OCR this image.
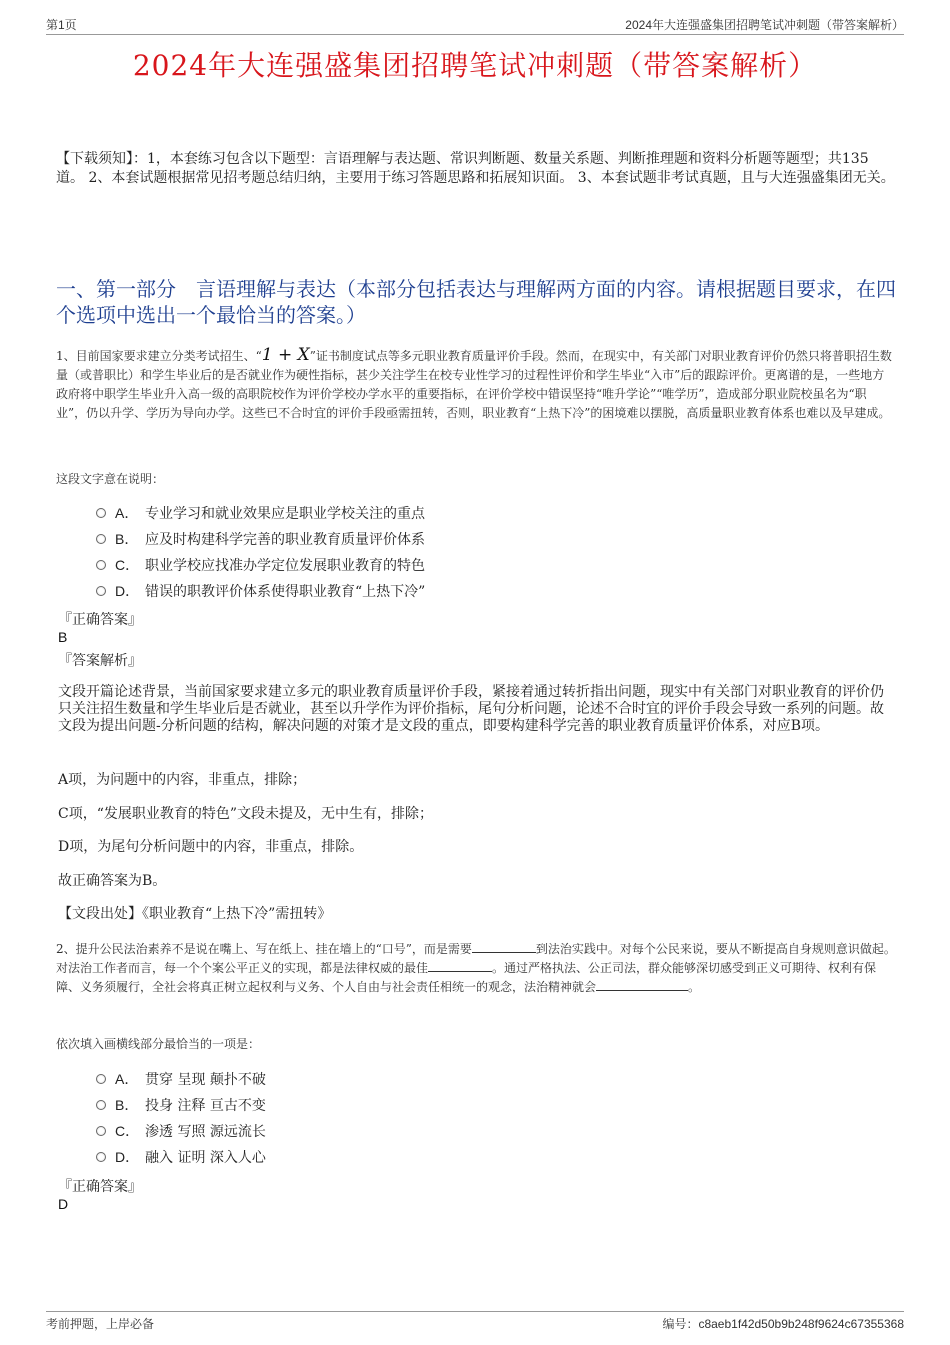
第1页	2024年大连强盛集团招聘笔试冲刺题（带答案解析）
2024年大连强盛集团招聘笔试冲刺题（带答案解析）
【下载须知】：1，本套练习包含以下题型：言语理解与表达题、常识判断题、数量关系题、判断推理题和资料分析题等题型；共135道。 2、本套试题根据常见招考题总结归纳，主要用于练习答题思路和拓展知识面。 3、本套试题非考试真题，且与大连强盛集团无关。
一、第一部分　言语理解与表达（本部分包括表达与理解两方面的内容。请根据题目要求，在四个选项中选出一个最恰当的答案。）
1、目前国家要求建立分类考试招生、“1 + X”证书制度试点等多元职业教育质量评价手段。然而，在现实中，有关部门对职业教育评价仍然只将普职招生数量（或普职比）和学生毕业后的是否就业作为硬性指标，甚少关注学生在校专业性学习的过程性评价和学生毕业“入市”后的跟踪评价。更离谱的是，一些地方政府将中职学生毕业升入高一级的高职院校作为评价学校办学水平的重要指标，在评价学校中错误坚持“唯升学论”“唯学历”，造成部分职业院校虽名为“职业”，仍以升学、学历为导向办学。这些已不合时宜的评价手段亟需扭转，否则，职业教育“上热下冷”的困境难以摆脱，高质量职业教育体系也难以及早建成。
这段文字意在说明：
A． 专业学习和就业效果应是职业学校关注的重点
B． 应及时构建科学完善的职业教育质量评价体系
C． 职业学校应找准办学定位发展职业教育的特色
D． 错误的职教评价体系使得职业教育“上热下冷”
『正确答案』
B
『答案解析』
文段开篇论述背景，当前国家要求建立多元的职业教育质量评价手段，紧接着通过转折指出问题，现实中有关部门对职业教育的评价仍只关注招生数量和学生毕业后是否就业，甚至以升学作为评价指标，尾句分析问题，论述不合时宜的评价手段会导致一系列的问题。故文段为提出问题-分析问题的结构，解决问题的对策才是文段的重点，即要构建科学完善的职业教育质量评价体系，对应B项。
A项，为问题中的内容，非重点，排除；
C项，“发展职业教育的特色”文段未提及，无中生有，排除；
D项，为尾句分析问题中的内容，非重点，排除。
故正确答案为B。
【文段出处】《职业教育“上热下冷”需扭转》
2、提升公民法治素养不是说在嘴上、写在纸上、挂在墙上的“口号”，而是需要	到法治实践中。对每个公民来说，要从不断提高自身规则意识做起。对法治工作者而言，每一个个案公平正义的实现，都是法律权威的最佳	。通过严格执法、公正司法，群众能够深切感受到正义可期待、权利有保障、义务须履行，全社会将真正树立起权利与义务、个人自由与社会责任相统一的观念，法治精神就会	。
依次填入画横线部分最恰当的一项是：
A． 贯穿 呈现 颠扑不破
B． 投身 注释 亘古不变
C． 渗透 写照 源远流长
D． 融入 证明 深入人心
『正确答案』
D
考前押题，上岸必备	编号：c8aeb1f42d50b9b248f9624c67355368
